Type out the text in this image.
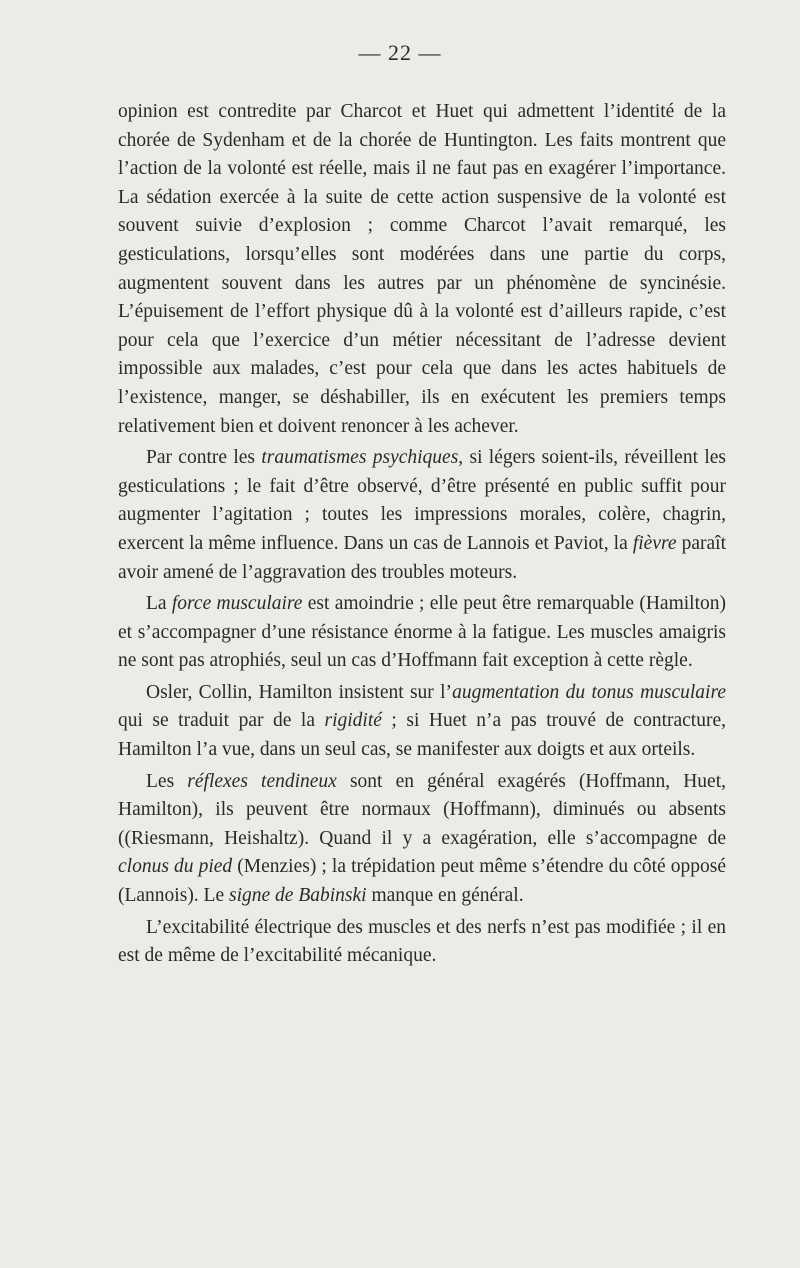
— 22 —

opinion est contredite par Charcot et Huet qui admettent l’identité de la chorée de Sydenham et de la chorée de Huntington. Les faits montrent que l’action de la volonté est réelle, mais il ne faut pas en exagérer l’importance. La sédation exercée à la suite de cette action suspensive de la volonté est souvent suivie d’explosion ; comme Charcot l’avait remarqué, les gesticulations, lorsqu’elles sont modérées dans une partie du corps, augmentent souvent dans les autres par un phénomène de syncinésie. L’épuisement de l’effort physique dû à la volonté est d’ailleurs rapide, c’est pour cela que l’exercice d’un métier nécessitant de l’adresse devient impossible aux malades, c’est pour cela que dans les actes habituels de l’existence, manger, se déshabiller, ils en exécutent les premiers temps relativement bien et doivent renoncer à les achever.

Par contre les traumatismes psychiques, si légers soient-ils, réveillent les gesticulations ; le fait d’être observé, d’être présenté en public suffit pour augmenter l’agitation ; toutes les impressions morales, colère, chagrin, exercent la même influence. Dans un cas de Lannois et Paviot, la fièvre paraît avoir amené de l’aggravation des troubles moteurs.

La force musculaire est amoindrie ; elle peut être remarquable (Hamilton) et s’accompagner d’une résistance énorme à la fatigue. Les muscles amaigris ne sont pas atrophiés, seul un cas d’Hoffmann fait exception à cette règle.

Osler, Collin, Hamilton insistent sur l’augmentation du tonus musculaire qui se traduit par de la rigidité ; si Huet n’a pas trouvé de contracture, Hamilton l’a vue, dans un seul cas, se manifester aux doigts et aux orteils.

Les réflexes tendineux sont en général exagérés (Hoffmann, Huet, Hamilton), ils peuvent être normaux (Hoffmann), diminués ou absents ((Riesmann, Heishaltz). Quand il y a exagération, elle s’accompagne de clonus du pied (Menzies) ; la trépidation peut même s’étendre du côté opposé (Lannois). Le signe de Babinski manque en général.

L’excitabilité électrique des muscles et des nerfs n’est pas modifiée ; il en est de même de l’excitabilité mécanique.
